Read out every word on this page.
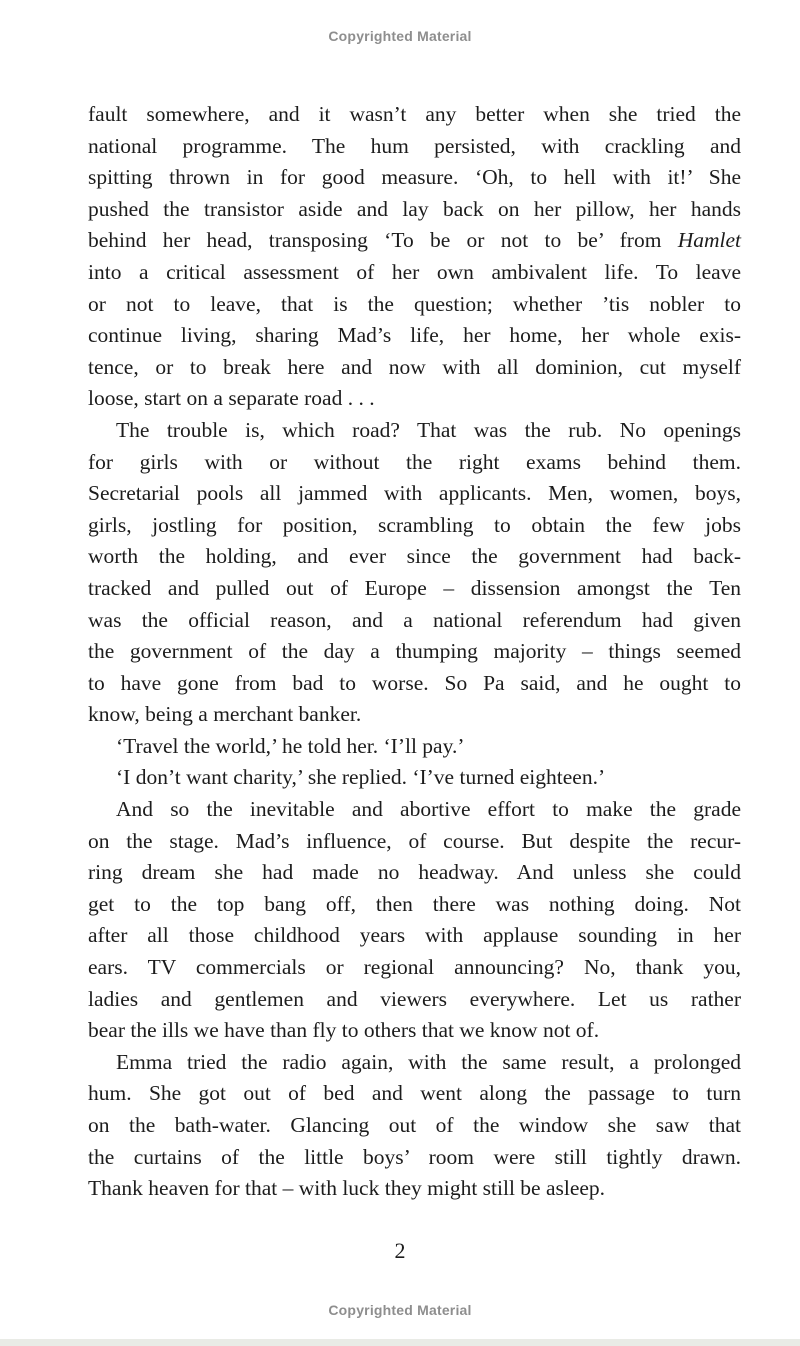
Copyrighted Material
fault somewhere, and it wasn’t any better when she tried the
national programme. The hum persisted, with crackling and
spitting thrown in for good measure. ‘Oh, to hell with it!’ She
pushed the transistor aside and lay back on her pillow, her hands
behind her head, transposing ‘To be or not to be’ from Hamlet
into a critical assessment of her own ambivalent life. To leave
or not to leave, that is the question; whether ’tis nobler to
continue living, sharing Mad’s life, her home, her whole exis-
tence, or to break here and now with all dominion, cut myself
loose, start on a separate road . . .
The trouble is, which road? That was the rub. No openings
for girls with or without the right exams behind them.
Secretarial pools all jammed with applicants. Men, women, boys,
girls, jostling for position, scrambling to obtain the few jobs
worth the holding, and ever since the government had back-
tracked and pulled out of Europe – dissension amongst the Ten
was the official reason, and a national referendum had given
the government of the day a thumping majority – things seemed
to have gone from bad to worse. So Pa said, and he ought to
know, being a merchant banker.
‘Travel the world,’ he told her. ‘I’ll pay.’
‘I don’t want charity,’ she replied. ‘I’ve turned eighteen.’
And so the inevitable and abortive effort to make the grade
on the stage. Mad’s influence, of course. But despite the recur-
ring dream she had made no headway. And unless she could
get to the top bang off, then there was nothing doing. Not
after all those childhood years with applause sounding in her
ears. TV commercials or regional announcing? No, thank you,
ladies and gentlemen and viewers everywhere. Let us rather
bear the ills we have than fly to others that we know not of.
Emma tried the radio again, with the same result, a prolonged
hum. She got out of bed and went along the passage to turn
on the bath-water. Glancing out of the window she saw that
the curtains of the little boys’ room were still tightly drawn.
Thank heaven for that – with luck they might still be asleep.
2
Copyrighted Material
